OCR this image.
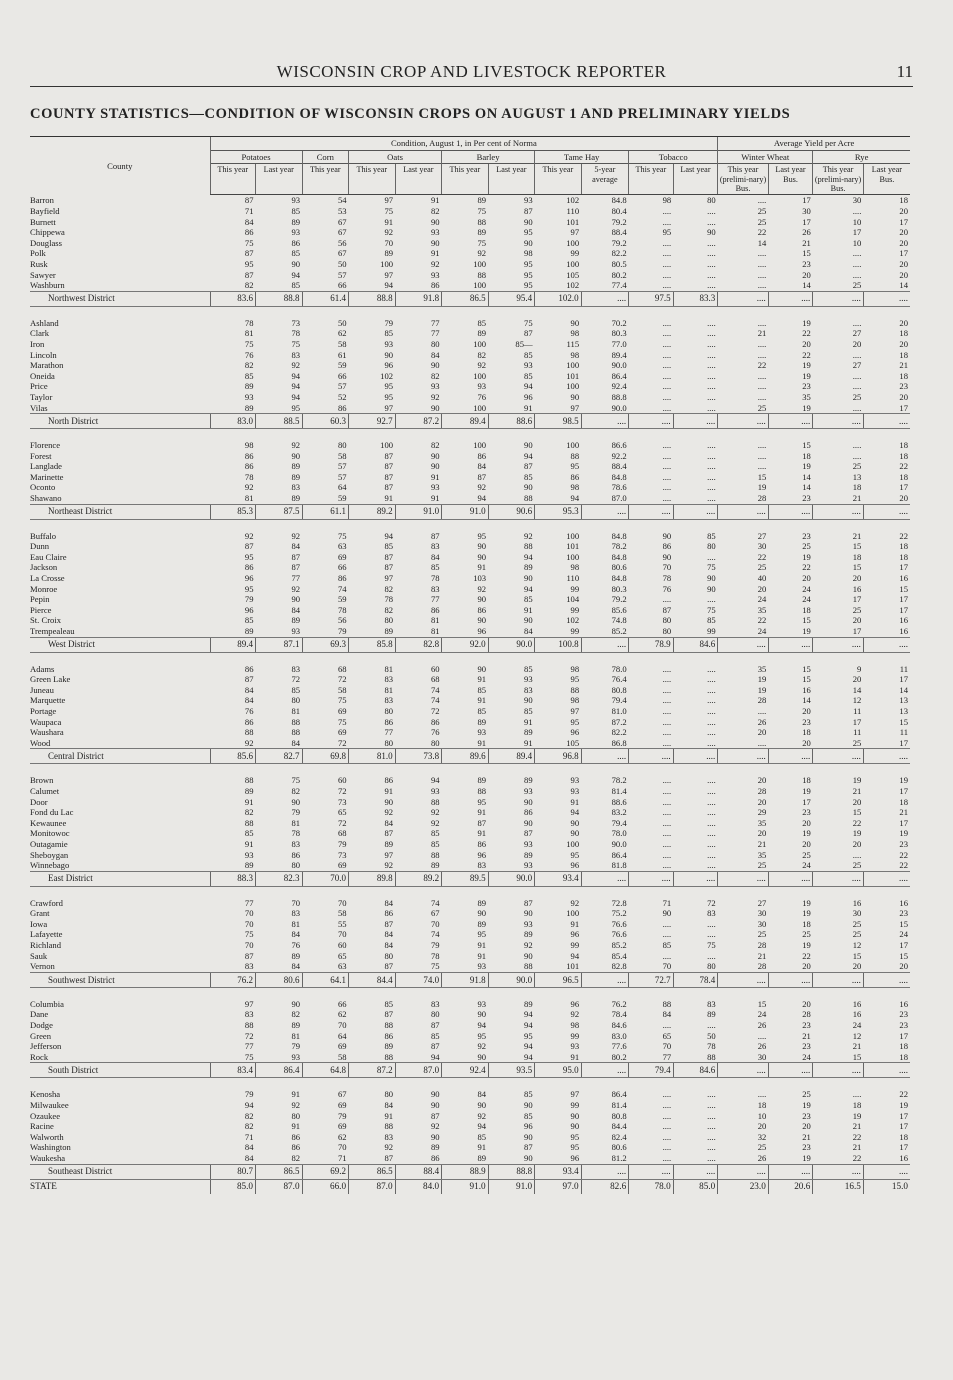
WISCONSIN CROP AND LIVESTOCK REPORTER	11
COUNTY STATISTICS—CONDITION OF WISCONSIN CROPS ON AUGUST 1 AND PRELIMINARY YIELDS
County	Condition, August 1, in Per cent of Norma											Average Yield per Acre			
	Potatoes		Corn	Oats		Barley		Tame Hay		Tobacco		Winter Wheat		Rye	
	This year	Last year	This year	This year	Last year	This year	Last year	This year	5-year average	This year	Last year	This year (prelimi-nary) Bus.	Last year Bus.	This year (prelimi-nary) Bus.	Last year Bus.
Barron	87	93	54	97	91	89	93	102	84.8	98	80	....	17	30	18
Bayfield	71	85	53	75	82	75	87	110	80.4	....	....	25	30	....	20
Burnett	84	89	67	91	90	88	90	101	79.2	....	....	25	17	10	17
Chippewa	86	93	67	92	93	89	95	97	88.4	95	90	22	26	17	20
Douglass	75	86	56	70	90	75	90	100	79.2	....	....	14	21	10	20
Polk	87	85	67	89	91	92	98	99	82.2	....	....	....	15	....	17
Rusk	95	90	50	100	92	100	95	100	80.5	....	....	....	23	....	20
Sawyer	87	94	57	97	93	88	95	105	80.2	....	....	....	20	....	20
Washburn	82	85	66	94	86	100	95	102	77.4	....	....	....	14	25	14
Northwest District	83.6	88.8	61.4	88.8	91.8	86.5	95.4	102.0	....	97.5	83.3	....	....	....	....

Ashland	78	73	50	79	77	85	75	90	70.2	....	....	....	19	....	20
Clark	81	78	62	85	77	89	87	98	80.3	....	....	21	22	27	18
Iron	75	75	58	93	80	100	85—	115	77.0	....	....	....	20	20	20
Lincoln	76	83	61	90	84	82	85	98	89.4	....	....	....	22	....	18
Marathon	82	92	59	96	90	92	93	100	90.0	....	....	22	19	27	21
Oneida	85	94	66	102	82	100	85	101	86.4	....	....	....	19	....	18
Price	89	94	57	95	93	93	94	100	92.4	....	....	....	23	....	23
Taylor	93	94	52	95	92	76	96	90	88.8	....	....	....	35	25	20
Vilas	89	95	86	97	90	100	91	97	90.0	....	....	25	19	....	17
North District	83.0	88.5	60.3	92.7	87.2	89.4	88.6	98.5	....	....	....	....	....	....	....

Florence	98	92	80	100	82	100	90	100	86.6	....	....	....	15	....	18
Forest	86	90	58	87	90	86	94	88	92.2	....	....	....	18	....	18
Langlade	86	89	57	87	90	84	87	95	88.4	....	....	....	19	25	22
Marinette	78	89	57	87	91	87	85	86	84.8	....	....	15	14	13	18
Oconto	92	83	64	87	93	92	90	98	78.6	....	....	19	14	18	17
Shawano	81	89	59	91	91	94	88	94	87.0	....	....	28	23	21	20
Northeast District	85.3	87.5	61.1	89.2	91.0	91.0	90.6	95.3	....	....	....	....	....	....	....

Buffalo	92	92	75	94	87	95	92	100	84.8	90	85	27	23	21	22
Dunn	87	84	63	85	83	90	88	101	78.2	86	80	30	25	15	18
Eau Claire	95	87	69	87	84	90	94	100	84.8	90	....	22	19	18	18
Jackson	86	87	66	87	85	91	89	98	80.6	70	75	25	22	15	17
La Crosse	96	77	86	97	78	103	90	110	84.8	78	90	40	20	20	16
Monroe	95	92	74	82	83	92	94	99	80.3	76	90	20	24	16	15
Pepin	79	90	59	78	77	90	85	104	79.2	....	....	24	24	17	17
Pierce	96	84	78	82	86	86	91	99	85.6	87	75	35	18	25	17
St. Croix	85	89	56	80	81	90	90	102	74.8	80	85	22	15	20	16
Trempealeau	89	93	79	89	81	96	84	99	85.2	80	99	24	19	17	16
West District	89.4	87.1	69.3	85.8	82.8	92.0	90.0	100.8	....	78.9	84.6	....	....	....	....

Adams	86	83	68	81	60	90	85	98	78.0	....	....	35	15	9	11
Green Lake	87	72	72	83	68	91	93	95	76.4	....	....	19	15	20	17
Juneau	84	85	58	81	74	85	83	88	80.8	....	....	19	16	14	14
Marquette	84	80	75	83	74	91	90	98	79.4	....	....	28	14	12	13
Portage	76	81	69	80	72	85	85	97	81.0	....	....	....	20	11	13
Waupaca	86	88	75	86	86	89	91	95	87.2	....	....	26	23	17	15
Waushara	88	88	69	77	76	93	89	96	82.2	....	....	20	18	11	11
Wood	92	84	72	80	80	91	91	105	86.8	....	....	....	20	25	17
Central District	85.6	82.7	69.8	81.0	73.8	89.6	89.4	96.8	....	....	....	....	....	....	....

Brown	88	75	60	86	94	89	89	93	78.2	....	....	20	18	19	19
Calumet	89	82	72	91	93	88	93	93	81.4	....	....	28	19	21	17
Door	91	90	73	90	88	95	90	91	88.6	....	....	20	17	20	18
Fond du Lac	82	79	65	92	92	91	86	94	83.2	....	....	29	23	15	21
Kewaunee	88	81	72	84	92	87	90	90	79.4	....	....	35	20	22	17
Monitowoc	85	78	68	87	85	91	87	90	78.0	....	....	20	19	19	19
Outagamie	91	83	79	89	85	86	93	100	90.0	....	....	21	20	20	23
Sheboygan	93	86	73	97	88	96	89	95	86.4	....	....	35	25	....	22
Winnebago	89	80	69	92	89	83	93	96	81.8	....	....	25	24	25	22
East District	88.3	82.3	70.0	89.8	89.2	89.5	90.0	93.4	....	....	....	....	....	....	....

Crawford	77	70	70	84	74	89	87	92	72.8	71	72	27	19	16	16
Grant	70	83	58	86	67	90	90	100	75.2	90	83	30	19	30	23
Iowa	70	81	55	87	70	89	93	91	76.6	....	....	30	18	25	15
Lafayette	75	84	70	84	74	95	89	96	76.6	....	....	25	25	25	24
Richland	70	76	60	84	79	91	92	99	85.2	85	75	28	19	12	17
Sauk	87	89	65	80	78	91	90	94	85.4	....	....	21	22	15	15
Vernon	83	84	63	87	75	93	88	101	82.8	70	80	28	20	20	20
Southwest District	76.2	80.6	64.1	84.4	74.0	91.8	90.0	96.5	....	72.7	78.4	....	....	....	....

Columbia	97	90	66	85	83	93	89	96	76.2	88	83	15	20	16	16
Dane	83	82	62	87	80	90	94	92	78.4	84	89	24	28	16	23
Dodge	88	89	70	88	87	94	94	98	84.6	....	....	26	23	24	23
Green	72	81	64	86	85	95	95	99	83.0	65	50	....	21	12	17
Jefferson	77	79	69	89	87	92	94	93	77.6	70	78	26	23	21	18
Rock	75	93	58	88	94	90	94	91	80.2	77	88	30	24	15	18
South District	83.4	86.4	64.8	87.2	87.0	92.4	93.5	95.0	....	79.4	84.6	....	....	....	....

Kenosha	79	91	67	80	90	84	85	97	86.4	....	....	....	25	....	22
Milwaukee	94	92	69	84	90	90	90	99	81.4	....	....	18	19	18	19
Ozaukee	82	80	79	91	87	92	85	90	80.8	....	....	10	23	19	17
Racine	82	91	69	88	92	94	96	90	84.4	....	....	20	20	21	17
Walworth	71	86	62	83	90	85	90	95	82.4	....	....	32	21	22	18
Washington	84	86	70	92	89	91	87	95	80.6	....	....	25	23	21	17
Waukesha	84	82	71	87	86	89	90	96	81.2	....	....	26	19	22	16
Southeast District	80.7	86.5	69.2	86.5	88.4	88.9	88.8	93.4	....	....	....	....	....	....	....
STATE	85.0	87.0	66.0	87.0	84.0	91.0	91.0	97.0	82.6	78.0	85.0	23.0	20.6	16.5	15.0
